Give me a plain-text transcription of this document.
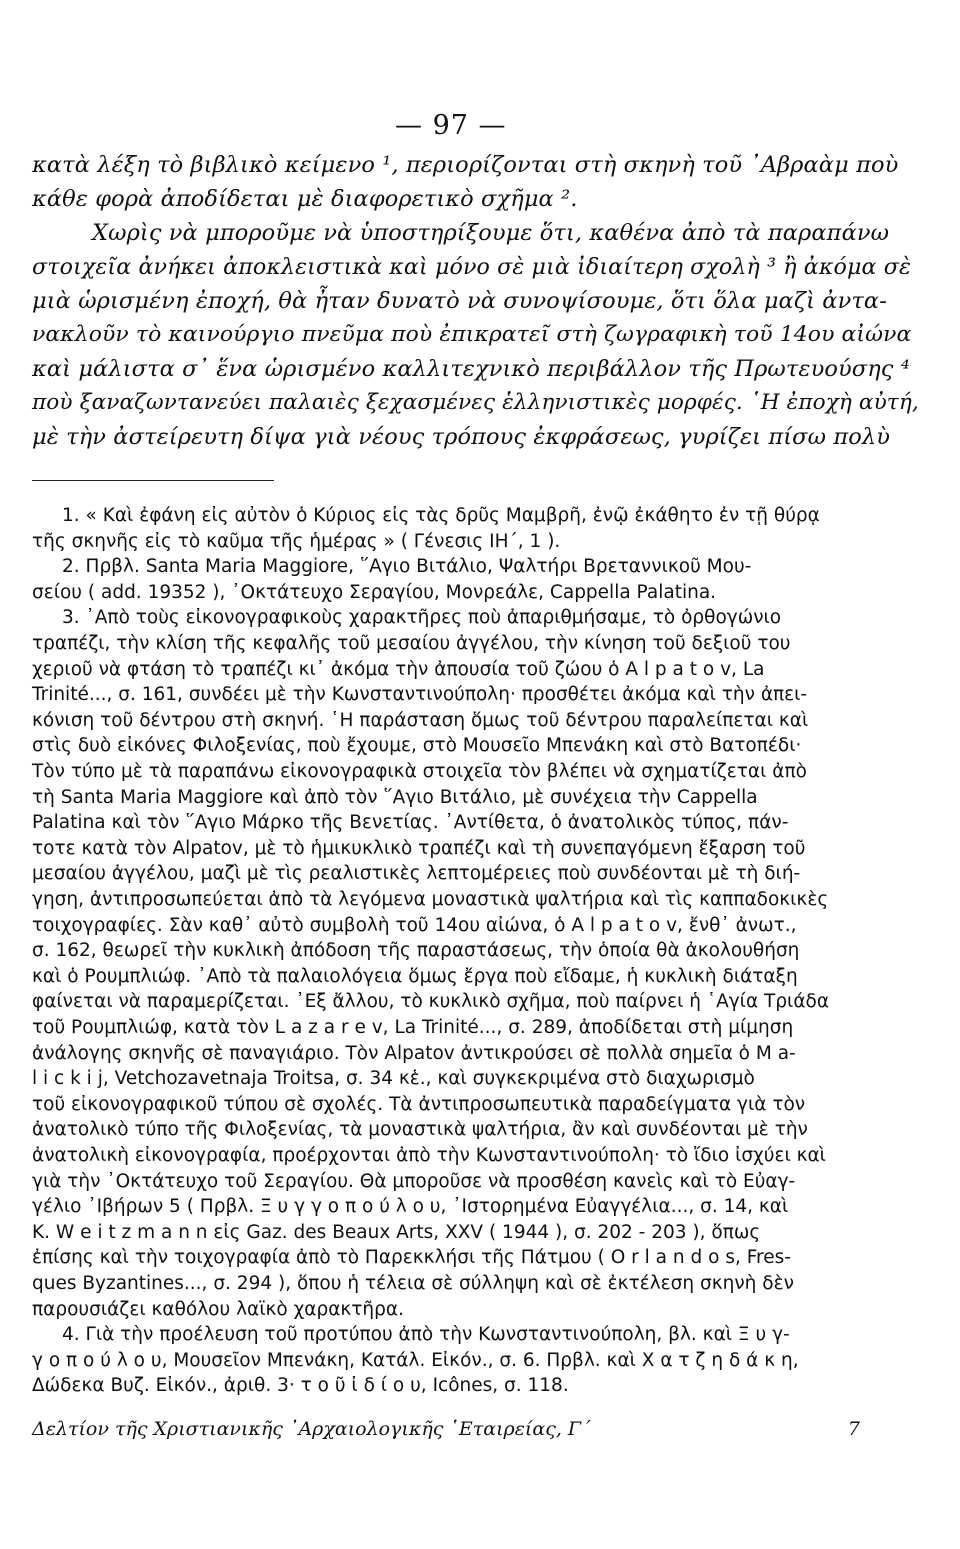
— 97 —
κατὰ λέξη τὸ βιβλικὸ κείμενο ¹, περιορίζονται στὴ σκηνὴ τοῦ ᾽Αβραὰμ ποὺ
κάθε φορὰ ἀποδίδεται μὲ διαφορετικὸ σχῆμα ².
Χωρὶς νὰ μποροῦμε νὰ ὑποστηρίξουμε ὅτι, καθένα ἀπὸ τὰ παραπάνω
στοιχεῖα ἀνήκει ἀποκλειστικὰ καὶ μόνο σὲ μιὰ ἰδιαίτερη σχολὴ ³ ἢ ἀκόμα σὲ
μιὰ ὡρισμένη ἐποχή, θὰ ἦταν δυνατὸ νὰ συνοψίσουμε, ὅτι ὅλα μαζὶ ἀντα-
νακλοῦν τὸ καινούργιο πνεῦμα ποὺ ἐπικρατεῖ στὴ ζωγραφικὴ τοῦ 14ου αἰώνα
καὶ μάλιστα σ᾽ ἕνα ὡρισμένο καλλιτεχνικὸ περιβάλλον τῆς Πρωτευούσης ⁴
ποὺ ξαναζωντανεύει παλαιὲς ξεχασμένες ἑλληνιστικὲς μορφές. ῾Η ἐποχὴ αὐτή,
μὲ τὴν ἀστείρευτη δίψα γιὰ νέους τρόπους ἐκφράσεως, γυρίζει πίσω πολὺ
1. « Καὶ ἐφάνη εἰς αὐτὸν ὁ Κύριος εἰς τὰς δρῦς Μαμβρῆ, ἐνῷ ἐκάθητο ἐν τῇ θύρᾳ
τῆς σκηνῆς εἰς τὸ καῦμα τῆς ἡμέρας » ( Γένεσις ΙΗ΄, 1 ).
2. Πρβλ. Santa Maria Maggiore, ῞Αγιο Βιτάλιο, Ψαλτήρι Βρεταννικοῦ Μου-
σείου ( add. 19352 ), ᾽Οκτάτευχο Σεραγίου, Μονρεάλε, Cappella Palatina.
3. ᾽Απὸ τοὺς εἰκονογραφικοὺς χαρακτῆρες ποὺ ἀπαριθμήσαμε, τὸ ὀρθογώνιο
τραπέζι, τὴν κλίση τῆς κεφαλῆς τοῦ μεσαίου ἀγγέλου, τὴν κίνηση τοῦ δεξιοῦ του
χεριοῦ νὰ φτάση τὸ τραπέζι κι᾽ ἀκόμα τὴν ἀπουσία τοῦ ζώου ὁ A l p a t o v, La
Trinité..., σ. 161, συνδέει μὲ τὴν Κωνσταντινούπολη· προσθέτει ἀκόμα καὶ τὴν ἀπει-
κόνιση τοῦ δέντρου στὴ σκηνή. ῾Η παράσταση ὅμως τοῦ δέντρου παραλείπεται καὶ
στὶς δυὸ εἰκόνες Φιλοξενίας, ποὺ ἔχουμε, στὸ Μουσεῖο Μπενάκη καὶ στὸ Βατοπέδι·
Τὸν τύπο μὲ τὰ παραπάνω εἰκονογραφικὰ στοιχεῖα τὸν βλέπει νὰ σχηματίζεται ἀπὸ
τὴ Santa Maria Maggiore καὶ ἀπὸ τὸν ῞Αγιο Βιτάλιο, μὲ συνέχεια τὴν Cappella
Palatina καὶ τὸν ῞Αγιο Μάρκο τῆς Βενετίας. ᾽Αντίθετα, ὁ ἀνατολικὸς τύπος, πάν-
τοτε κατὰ τὸν Alpatov, μὲ τὸ ἡμικυκλικὸ τραπέζι καὶ τὴ συνεπαγόμενη ἔξαρση τοῦ
μεσαίου ἀγγέλου, μαζὶ μὲ τὶς ρεαλιστικὲς λεπτομέρειες ποὺ συνδέονται μὲ τὴ διή-
γηση, ἀντιπροσωπεύεται ἀπὸ τὰ λεγόμενα μοναστικὰ ψαλτήρια καὶ τὶς καππαδοκικὲς
τοιχογραφίες. Σὰν καθ᾽ αὐτὸ συμβολὴ τοῦ 14ου αἰώνα, ὁ A l p a t o v, ἔνθ᾽ ἀνωτ.,
σ. 162, θεωρεῖ τὴν κυκλικὴ ἀπόδοση τῆς παραστάσεως, τὴν ὁποία θὰ ἀκολουθήση
καὶ ὁ Ρουμπλιώφ. ᾽Απὸ τὰ παλαιολόγεια ὅμως ἔργα ποὺ εἴδαμε, ἡ κυκλικὴ διάταξη
φαίνεται νὰ παραμερίζεται. ᾽Εξ ἄλλου, τὸ κυκλικὸ σχῆμα, ποὺ παίρνει ἡ ῾Αγία Τριάδα
τοῦ Ρουμπλιώφ, κατὰ τὸν L a z a r e v, La Trinité..., σ. 289, ἀποδίδεται στὴ μίμηση
ἀνάλογης σκηνῆς σὲ παναγιάριο. Τὸν Alpatov ἀντικρούσει σὲ πολλὰ σημεῖα ὁ M a-
l i c k i j, Vetchozavetnaja Troitsa, σ. 34 κἑ., καὶ συγκεκριμένα στὸ διαχωρισμὸ
τοῦ εἰκονογραφικοῦ τύπου σὲ σχολές. Τὰ ἀντιπροσωπευτικὰ παραδείγματα γιὰ τὸν
ἀνατολικὸ τύπο τῆς Φιλοξενίας, τὰ μοναστικὰ ψαλτήρια, ἂν καὶ συνδέονται μὲ τὴν
ἀνατολικὴ εἰκονογραφία, προέρχονται ἀπὸ τὴν Κωνσταντινούπολη· τὸ ἴδιο ἰσχύει καὶ
γιὰ τὴν ᾽Οκτάτευχο τοῦ Σεραγίου. Θὰ μποροῦσε νὰ προσθέση κανεὶς καὶ τὸ Εὐαγ-
γέλιο ᾽Ιβήρων 5 ( Πρβλ. Ξ υ γ γ ο π ο ύ λ ο υ, ᾽Ιστορημένα Εὐαγγέλια..., σ. 14, καὶ
K. W e i t z m a n n εἰς Gaz. des Beaux Arts, XXV ( 1944 ), σ. 202 - 203 ), ὅπως
ἐπίσης καὶ τὴν τοιχογραφία ἀπὸ τὸ Παρεκκλήσι τῆς Πάτμου ( O r l a n d o s, Fres-
ques Byzantines..., σ. 294 ), ὅπου ἡ τέλεια σὲ σύλληψη καὶ σὲ ἐκτέλεση σκηνὴ δὲν
παρουσιάζει καθόλου λαϊκὸ χαρακτῆρα.
4. Γιὰ τὴν προέλευση τοῦ προτύπου ἀπὸ τὴν Κωνσταντινούπολη, βλ. καὶ Ξ υ γ-
γ ο π ο ύ λ ο υ, Μουσεῖον Μπενάκη, Κατάλ. Εἰκόν., σ. 6. Πρβλ. καὶ Χ α τ ζ η δ ά κ η,
Δώδεκα Βυζ. Εἰκόν., ἀριθ. 3· τ ο ῦ ἰ δ ί ο υ, Icônes, σ. 118.
Δελτίον τῆς Χριστιανικῆς ᾽Αρχαιολογικῆς ῾Εταιρείας, Γ΄	7
